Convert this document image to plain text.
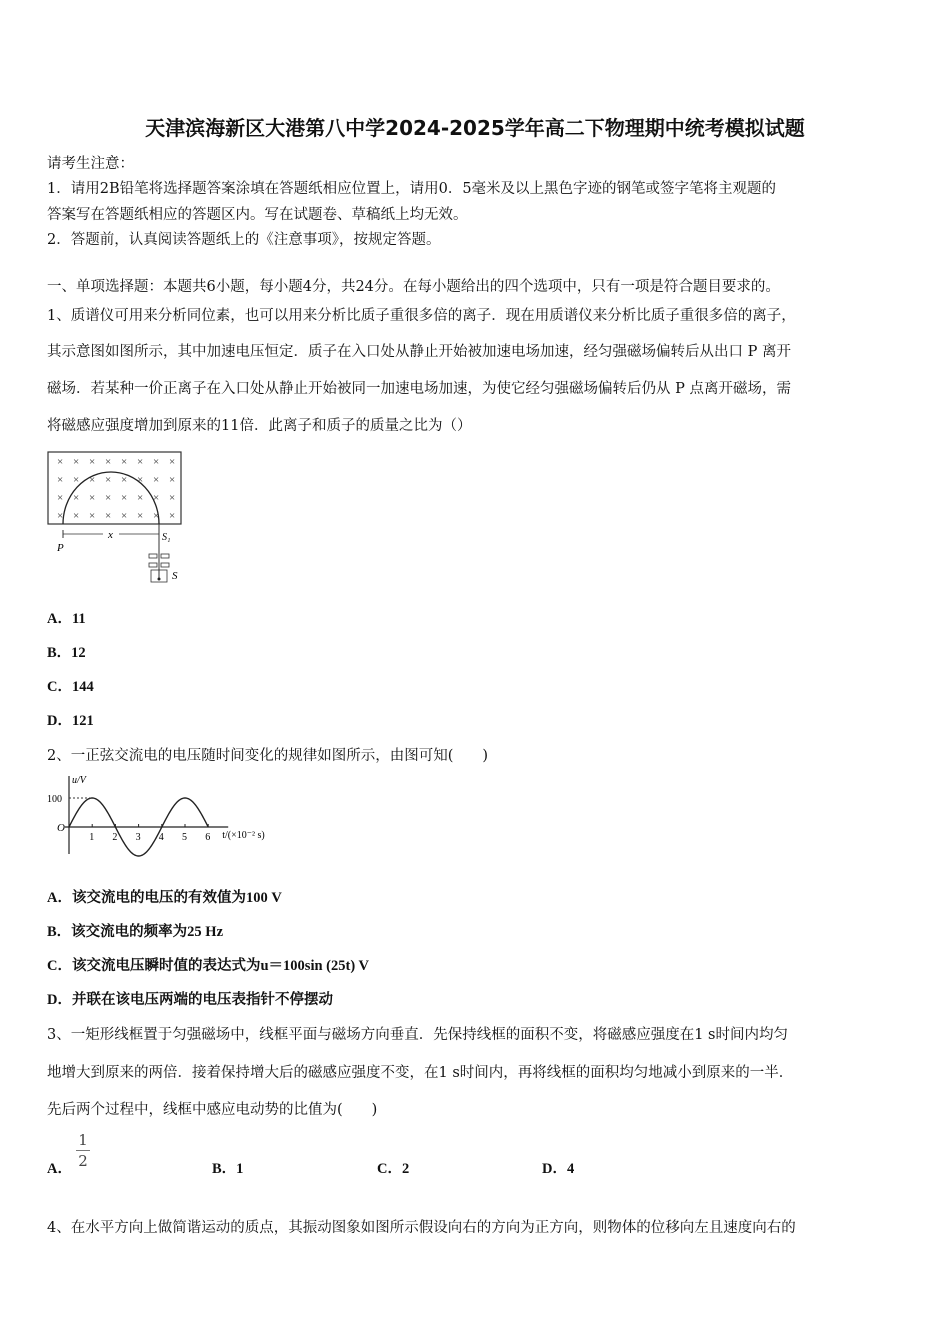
天津滨海新区大港第八中学2024-2025学年高二下物理期中统考模拟试题
请考生注意：
1．请用2B铅笔将选择题答案涂填在答题纸相应位置上，请用0．5毫米及以上黑色字迹的钢笔或签字笔将主观题的
答案写在答题纸相应的答题区内。写在试题卷、草稿纸上均无效。
2．答题前，认真阅读答题纸上的《注意事项》，按规定答题。
一、单项选择题：本题共6小题，每小题4分，共24分。在每小题给出的四个选项中，只有一项是符合题目要求的。
1、质谱仪可用来分析同位素，也可以用来分析比质子重很多倍的离子．现在用质谱仪来分析比质子重很多倍的离子，
其示意图如图所示，其中加速电压恒定．质子在入口处从静止开始被加速电场加速，经匀强磁场偏转后从出口 P 离开
磁场．若某种一价正离子在入口处从静止开始被同一加速电场加速，为使它经匀强磁场偏转后仍从 P 点离开磁场，需
将磁感应强度增加到原来的11倍．此离子和质子的质量之比为（）
× × × × × × × ×
× × × × × × × ×
× × × × × × × ×
× × × × × × × ×
x
P
S₁
S
A．11
B．12
C．144
D．121
2、一正弦交流电的电压随时间变化的规律如图所示，由图可知(　　)
u/V
t/(×10⁻² s)
O
100
1 2 3 4 5 6
A．该交流电的电压的有效值为100 V
B．该交流电的频率为25 Hz
C．该交流电压瞬时值的表达式为u＝100sin (25t) V
D．并联在该电压两端的电压表指针不停摆动
3、一矩形线框置于匀强磁场中，线框平面与磁场方向垂直．先保持线框的面积不变，将磁感应强度在1 s时间内均匀
地增大到原来的两倍．接着保持增大后的磁感应强度不变，在1 s时间内，再将线框的面积均匀地减小到原来的一半．
先后两个过程中，线框中感应电动势的比值为(　　)
A．
1
2	B．1	C．2	D．4
4、在水平方向上做简谐运动的质点，其振动图象如图所示假设向右的方向为正方向，则物体的位移向左且速度向右的
